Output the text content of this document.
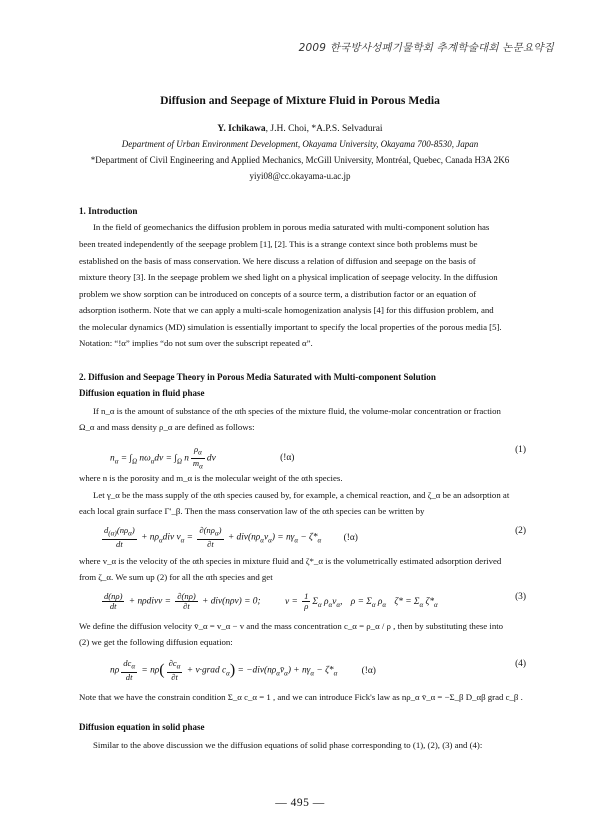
2009 한국방사성폐기물학회 추계학술대회 논문요약집
Diffusion and Seepage of Mixture Fluid in Porous Media
Y. Ichikawa, J.H. Choi, *A.P.S. Selvadurai
Department of Urban Environment Development, Okayama University, Okayama 700-8530, Japan
*Department of Civil Engineering and Applied Mechanics, McGill University, Montréal, Quebec, Canada H3A 2K6
yiyi08@cc.okayama-u.ac.jp
1. Introduction
In the field of geomechanics the diffusion problem in porous media saturated with multi-component solution has
been treated independently of the seepage problem [1], [2]. This is a strange context since both problems must be
established on the basis of mass conservation. We here discuss a relation of diffusion and seepage on the basis of
mixture theory [3]. In the seepage problem we shed light on a physical implication of seepage velocity. In the diffusion
problem we show sorption can be introduced on concepts of a source term, a distribution factor or an equation of
adsorption isotherm. Note that we can apply a multi-scale homogenization analysis [4] for this diffusion problem, and
the molecular dynamics (MD) simulation is essentially important to specify the local properties of the porous media [5].
Notation: “!α” implies “do not sum over the subscript repeated α”.
2. Diffusion and Seepage Theory in Porous Media Saturated with Multi-component Solution
Diffusion equation in fluid phase
If n_α is the amount of substance of the αth species of the mixture fluid, the volume-molar concentration or fraction
Ω_α and mass density ρ_α are defined as follows:
$n_\alpha = \int_\Omega$ $n\omega_\alpha dv = \int_\Omega$ n $\frac{\rho_\alpha}{m_\alpha}$ dv	(!α)
(1)
where n is the porosity and m_α is the molecular weight of the αth species.
Let γ_α be the mass supply of the αth species caused by, for example, a chemical reaction, and ζ_α be an adsorption at
each local grain surface Γ′_β. Then the mass conservation law of the αth species can be written by
$\frac{d_{(\alpha)}(n\rho_\alpha)}{dt} + n\rho_\alpha div$ $v_\alpha = \frac{\partial(n\rho_\alpha)}{\partial t} + div(n\rho_\alpha v_\alpha) = n\gamma_\alpha - \zeta*_\alpha$ (!α)
(2)
where v_α is the velocity of the αth species in mixture fluid and ζ*_α is the volumetrically estimated adsorption derived
from ζ_α. We sum up (2) for all the αth species and get
$\frac{d(n\rho)}{dt}$ + nρdivv = $\frac{\partial(n\rho)}{\partial t} + div(n\rho v) = 0$; $v = \frac{1}{\rho} \Sigma_\alpha$ $\rho_\alpha v_\alpha$, $\rho = \Sigma_\alpha$ $\rho_\alpha$ $\zeta* = \Sigma_\alpha$ $\zeta*_\alpha$
(3)
We define the diffusion velocity v̄_α = v_α − v and the mass concentration c_α = ρ_α / ρ , then by substituting these into
(2) we get the following diffusion equation:
nρ $\frac{dc_\alpha}{dt} = n\rho( \frac{\partial c_\alpha}{\partial t}$ + v·grad $c_\alpha$) = $-div(n\rho_\alpha v̄_\alpha) + n\gamma_\alpha - \zeta*_\alpha$	(!α)
(4)
Note that we have the constrain condition Σ_α c_α = 1 , and we can introduce Fick's law as nρ_α v̄_α = −Σ_β D_αβ grad c_β .
Diffusion equation in solid phase
Similar to the above discussion we the diffusion equations of solid phase corresponding to (1), (2), (3) and (4):
— 495 —
